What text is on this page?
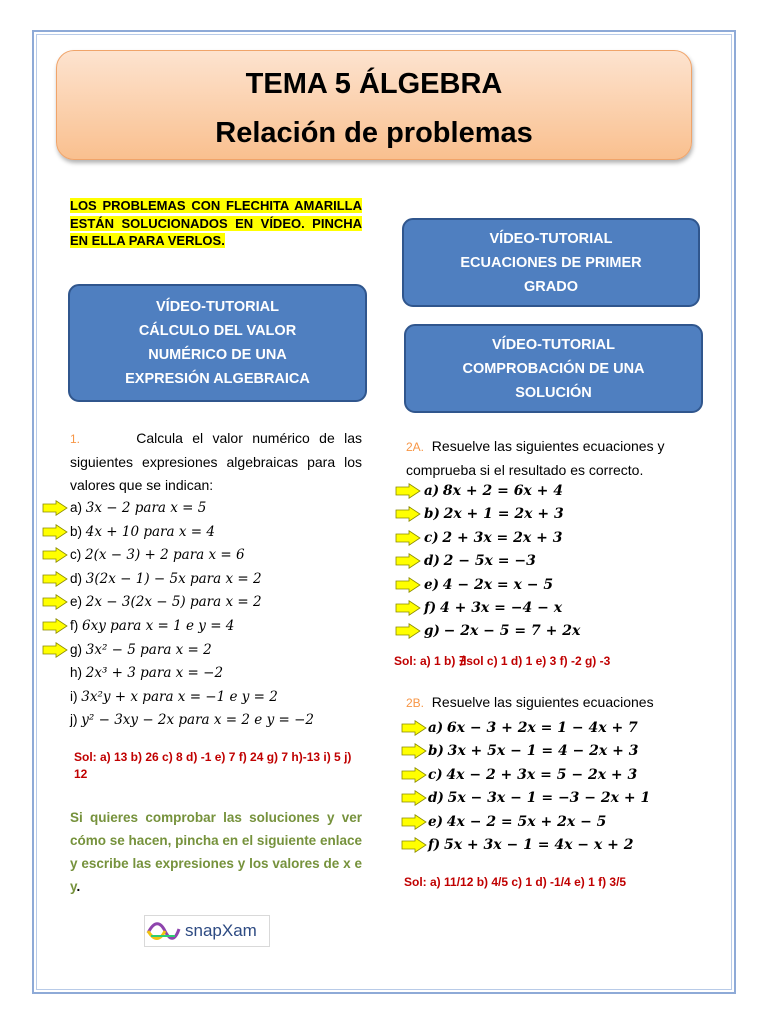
TEMA 5 ÁLGEBRA
Relación de problemas
LOS PROBLEMAS CON FLECHITA AMARILLA ESTÁN SOLUCIONADOS EN VÍDEO. PINCHA EN ELLA PARA VERLOS.	VÍDEO-TUTORIAL
ECUACIONES DE PRIMER
GRADO
VÍDEO-TUTORIAL
CÁLCULO DEL VALOR
NUMÉRICO DE UNA
EXPRESIÓN ALGEBRAICA
VÍDEO-TUTORIAL
COMPROBACIÓN DE UNA
SOLUCIÓN
1.	Calcula el valor numérico de las siguientes expresiones algebraicas para los valores que se indican:
Sol: a) 13 b) 26 c) 8 d) -1 e) 7 f) 24 g) 7 h)-13 i) 5 j) 12
Si quieres comprobar las soluciones y ver cómo se hacen, pincha en el siguiente enlace y escribe las expresiones y los valores de x e y.
snapXam
2A. Resuelve las siguientes ecuaciones y comprueba si el resultado es correcto.
Sol: a) 1 b) ∄sol c) 1 d) 1 e) 3 f) -2 g) -3
2B. Resuelve las siguientes ecuaciones
Sol: a) 11/12 b) 4/5 c) 1 d) -1/4 e) 1 f) 3/5
a) 3x − 2 para x = 5
b) 4x + 10 para x = 4
c) 2(x − 3) + 2 para x = 6
d) 3(2x − 1) − 5x para x = 2
e) 2x − 3(2x − 5) para x = 2
f) 6xy para x = 1 e y = 4
g) 3x² − 5 para x = 2
h) 2x³ + 3 para x = −2
i) 3x²y + x para x = −1 e y = 2
j) y² − 3xy − 2x para x = 2 e y = −2
a) 8x + 2 = 6x + 4
b) 2x + 1 = 2x + 3
c) 2 + 3x = 2x + 3
d) 2 − 5x = −3
e) 4 − 2x = x − 5
f) 4 + 3x = −4 − x
g) − 2x − 5 = 7 + 2x
a) 6x − 3 + 2x = 1 − 4x + 7
b) 3x + 5x − 1 = 4 − 2x + 3
c) 4x − 2 + 3x = 5 − 2x + 3
d) 5x − 3x − 1 = −3 − 2x + 1
e) 4x − 2 = 5x + 2x − 5
f) 5x + 3x − 1 = 4x − x + 2
